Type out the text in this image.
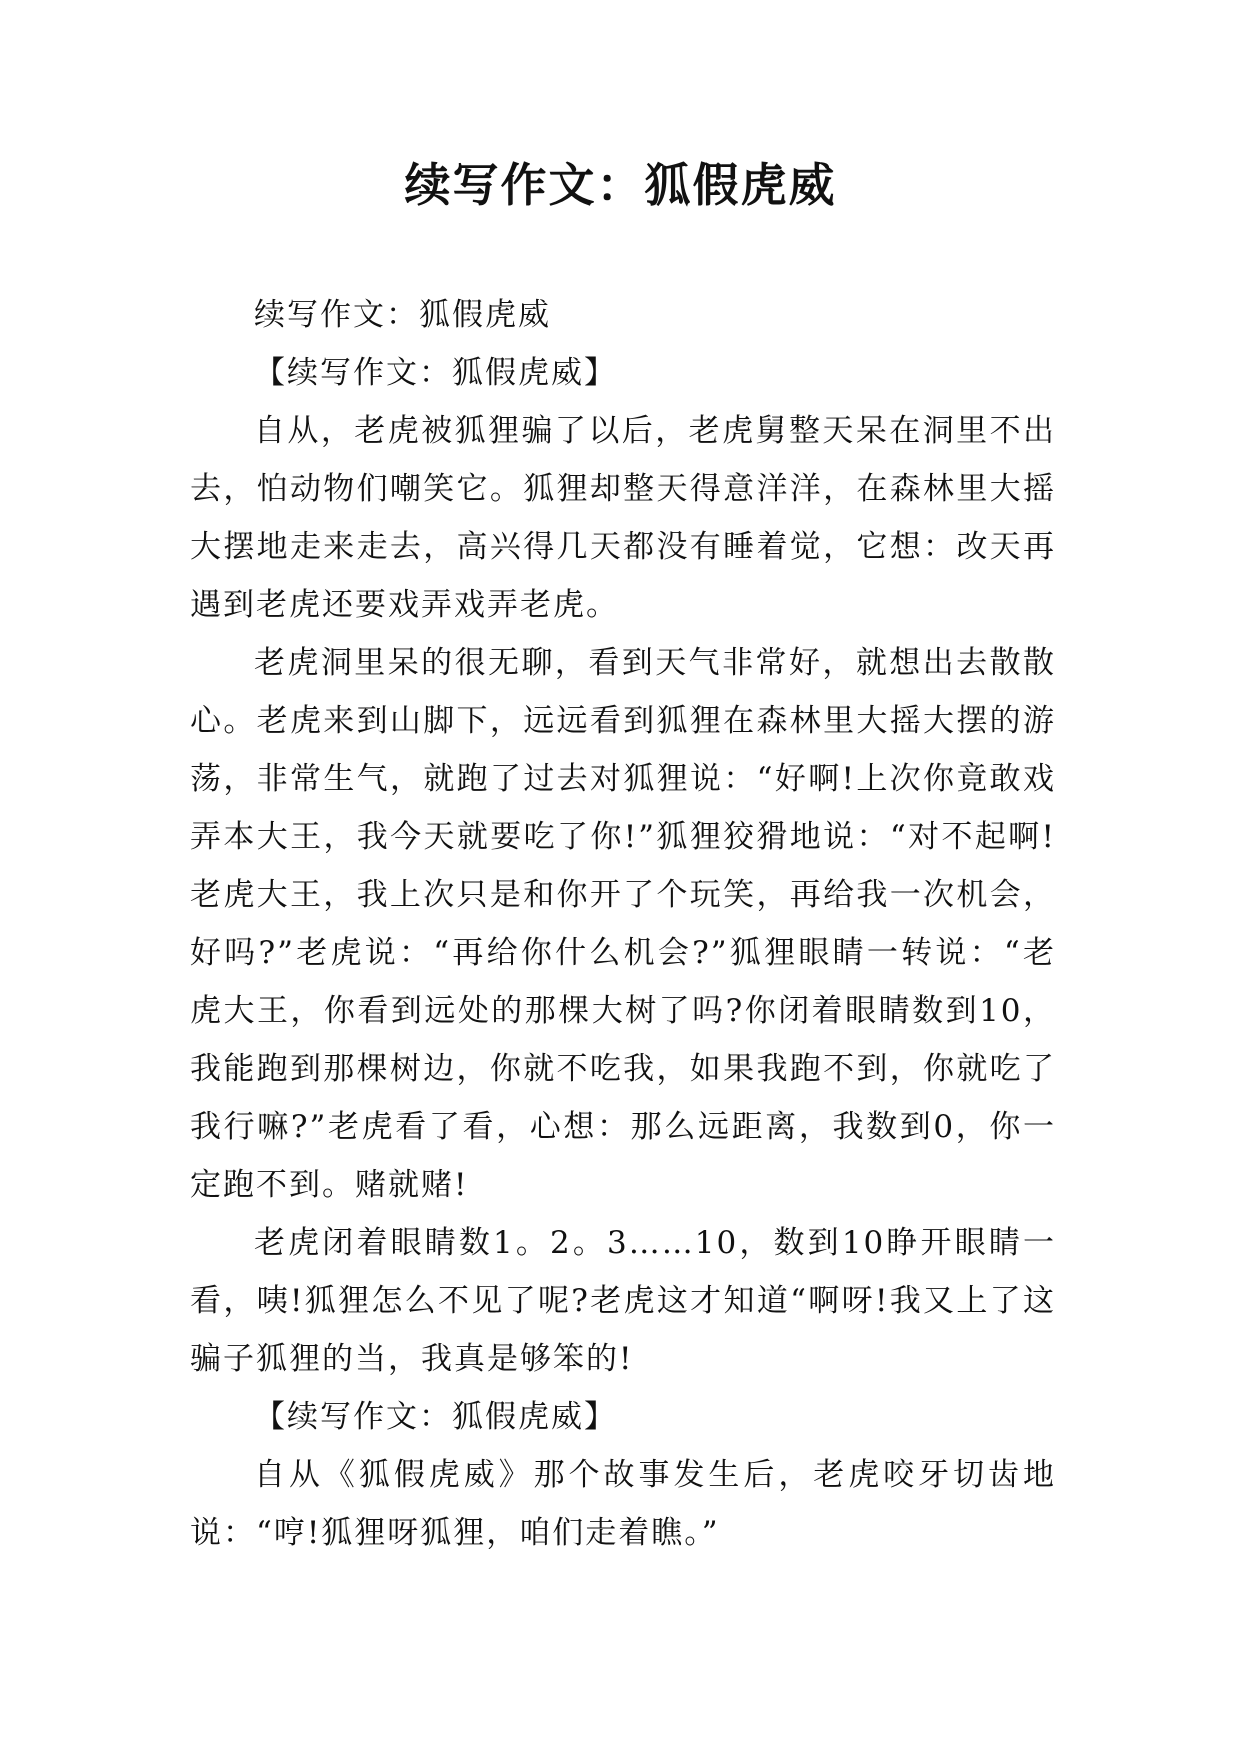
续写作文：狐假虎威

续写作文：狐假虎威

【续写作文：狐假虎威】

自从，老虎被狐狸骗了以后，老虎舅整天呆在洞里不出去，怕动物们嘲笑它。狐狸却整天得意洋洋，在森林里大摇大摆地走来走去，高兴得几天都没有睡着觉，它想：改天再遇到老虎还要戏弄戏弄老虎。

老虎洞里呆的很无聊，看到天气非常好，就想出去散散心。老虎来到山脚下，远远看到狐狸在森林里大摇大摆的游荡，非常生气，就跑了过去对狐狸说：“好啊!上次你竟敢戏弄本大王，我今天就要吃了你!”狐狸狡猾地说：“对不起啊!老虎大王，我上次只是和你开了个玩笑，再给我一次机会，好吗?”老虎说：“再给你什么机会?”狐狸眼睛一转说：“老虎大王，你看到远处的那棵大树了吗?你闭着眼睛数到10，我能跑到那棵树边，你就不吃我，如果我跑不到，你就吃了我行嘛?”老虎看了看，心想：那么远距离，我数到0，你一定跑不到。赌就赌!

老虎闭着眼睛数1。2。3……10，数到10睁开眼睛一看，咦!狐狸怎么不见了呢?老虎这才知道“啊呀!我又上了这骗子狐狸的当，我真是够笨的!

【续写作文：狐假虎威】

自从《狐假虎威》那个故事发生后，老虎咬牙切齿地说：“哼!狐狸呀狐狸，咱们走着瞧。”
